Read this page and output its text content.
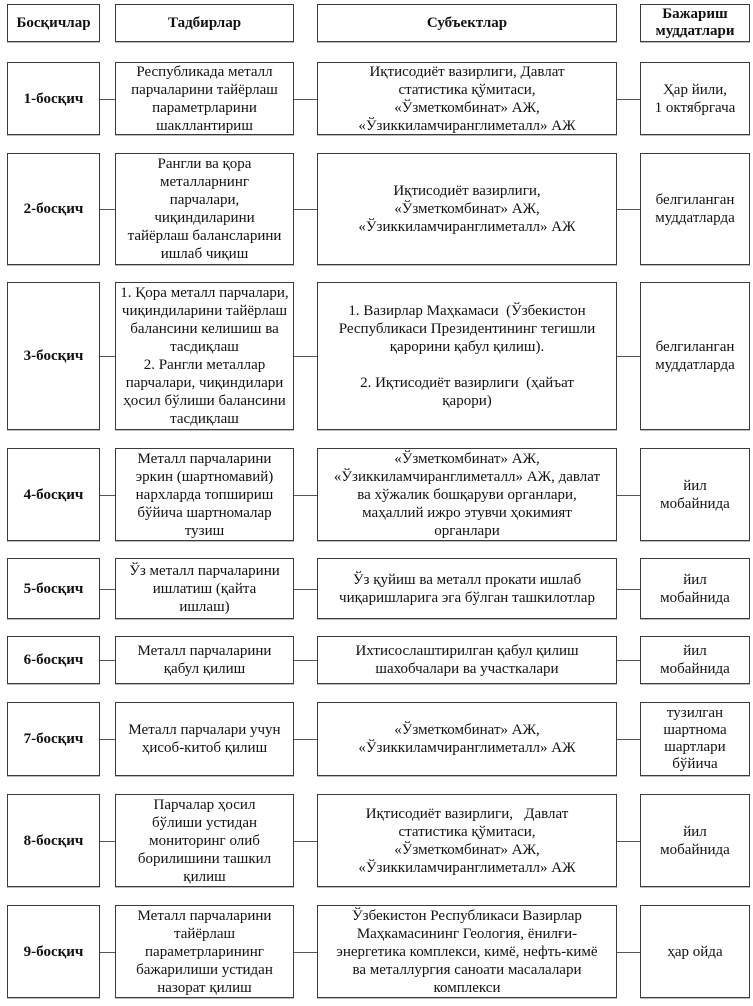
Босқичлар	Тадбирлар	Субъектлар
Бажариш
муддатлари
1-босқич
Республикада металл
парчаларини тайёрлаш
параметрларини
шакллантириш
Иқтисодиёт вазирлиги, Давлат
статистика қўмитаси,
«Ўзметкомбинат» АЖ,
«Ўзиккиламчиранглиметалл» АЖ
Ҳар йили,
1 октябргача
2-босқич
Рангли ва қора
металларнинг
парчалари,
чиқиндиларини
тайёрлаш балансларини
ишлаб чиқиш
Иқтисодиёт вазирлиги,
«Ўзметкомбинат» АЖ,
«Ўзиккиламчиранглиметалл» АЖ
белгиланган
муддатларда
3-босқич
1. Қора металл парчалари,
чиқиндиларини тайёрлаш
балансини келишиш ва
тасдиқлаш
2. Рангли металлар
парчалари, чиқиндилари
ҳосил бўлиши балансини
тасдиқлаш
1. Вазирлар Маҳкамаси  (Ўзбекистон
Республикаси Президентининг тегишли
қарорини қабул қилиш).

2. Иқтисодиёт вазирлиги  (ҳайъат
қарори)
белгиланган
муддатларда
4-босқич
Металл парчаларини
эркин (шартномавий)
нархларда топшириш
бўйича шартномалар
тузиш
«Ўзметкомбинат» АЖ,
«Ўзиккиламчиранглиметалл» АЖ, давлат
ва хўжалик бошқаруви органлари,
маҳаллий ижро этувчи ҳокимият
органлари
йил
мобайнида
5-босқич
Ўз металл парчаларини
ишлатиш (қайта
ишлаш)
Ўз қуйиш ва металл прокати ишлаб
чиқаришларига эга бўлган ташкилотлар
йил
мобайнида
6-босқич
Металл парчаларини
қабул қилиш
Ихтисослаштирилган қабул қилиш
шахобчалари ва участкалари
йил
мобайнида
7-босқич
Металл парчалари учун
ҳисоб-китоб қилиш
«Ўзметкомбинат» АЖ,
«Ўзиккиламчиранглиметалл» АЖ
тузилган
шартнома
шартлари
бўйича
8-босқич
Парчалар ҳосил
бўлиши устидан
мониторинг олиб
борилишини ташкил
қилиш
Иқтисодиёт вазирлиги,   Давлат
статистика қўмитаси,
«Ўзметкомбинат» АЖ,
«Ўзиккиламчиранглиметалл» АЖ
йил
мобайнида
9-босқич
Металл парчаларини
тайёрлаш
параметрларининг
бажарилиши устидан
назорат қилиш
Ўзбекистон Республикаси Вазирлар
Маҳкамасининг Геология, ёнилғи-
энергетика комплекси, кимё, нефть-кимё
ва металлургия саноати масалалари
комплекси
ҳар ойда
